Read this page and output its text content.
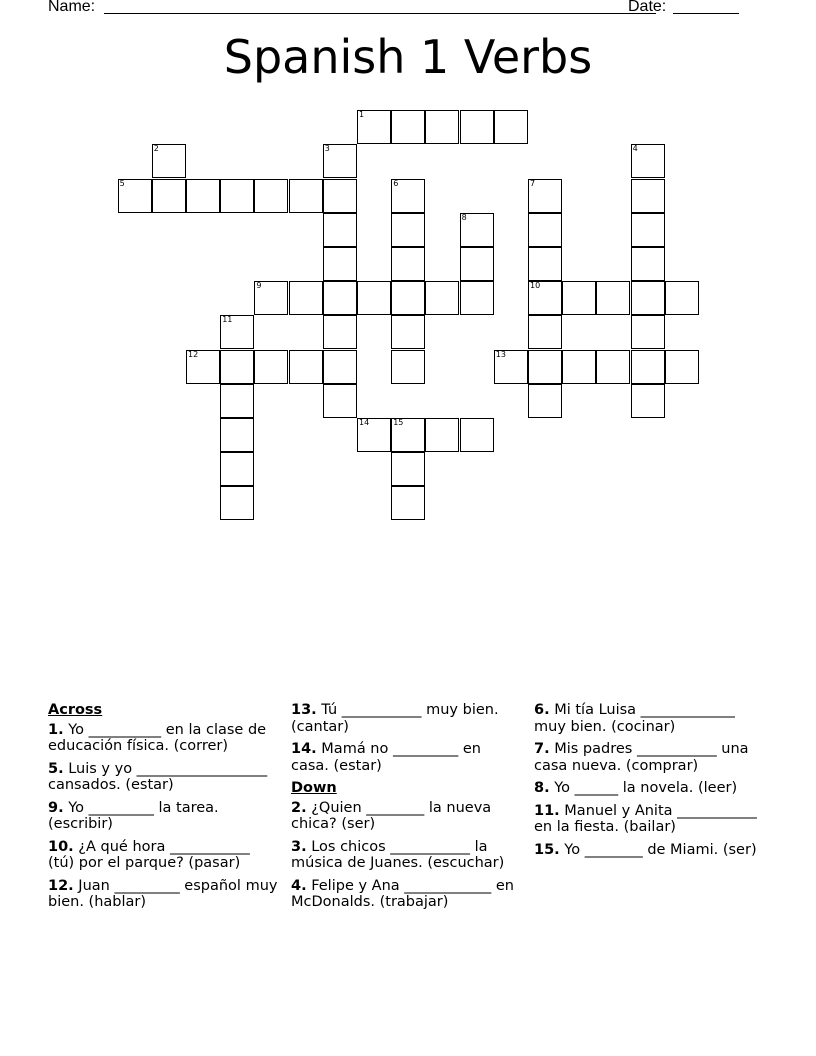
Name:	Date:
Spanish 1 Verbs
1
2	3	4
5	6	7
8
9	10
11
12	13
14	15
Across
1. Yo __________ en la clase de educación física. (correr)
5. Luis y yo __________________ cansados. (estar)
9. Yo _________ la tarea. (escribir)
10. ¿A qué hora ___________ (tú) por el parque? (pasar)
12. Juan _________ español muy bien. (hablar)
13. Tú ___________ muy bien. (cantar)
14. Mamá no _________ en casa. (estar)
Down
2. ¿Quien ________ la nueva chica? (ser)
3. Los chicos ___________ la música de Juanes. (escuchar)
4. Felipe y Ana ____________ en McDonalds. (trabajar)
6. Mi tía Luisa _____________ muy bien. (cocinar)
7. Mis padres ___________ una casa nueva. (comprar)
8. Yo ______ la novela. (leer)
11. Manuel y Anita ___________ en la fiesta. (bailar)
15. Yo ________ de Miami. (ser)
